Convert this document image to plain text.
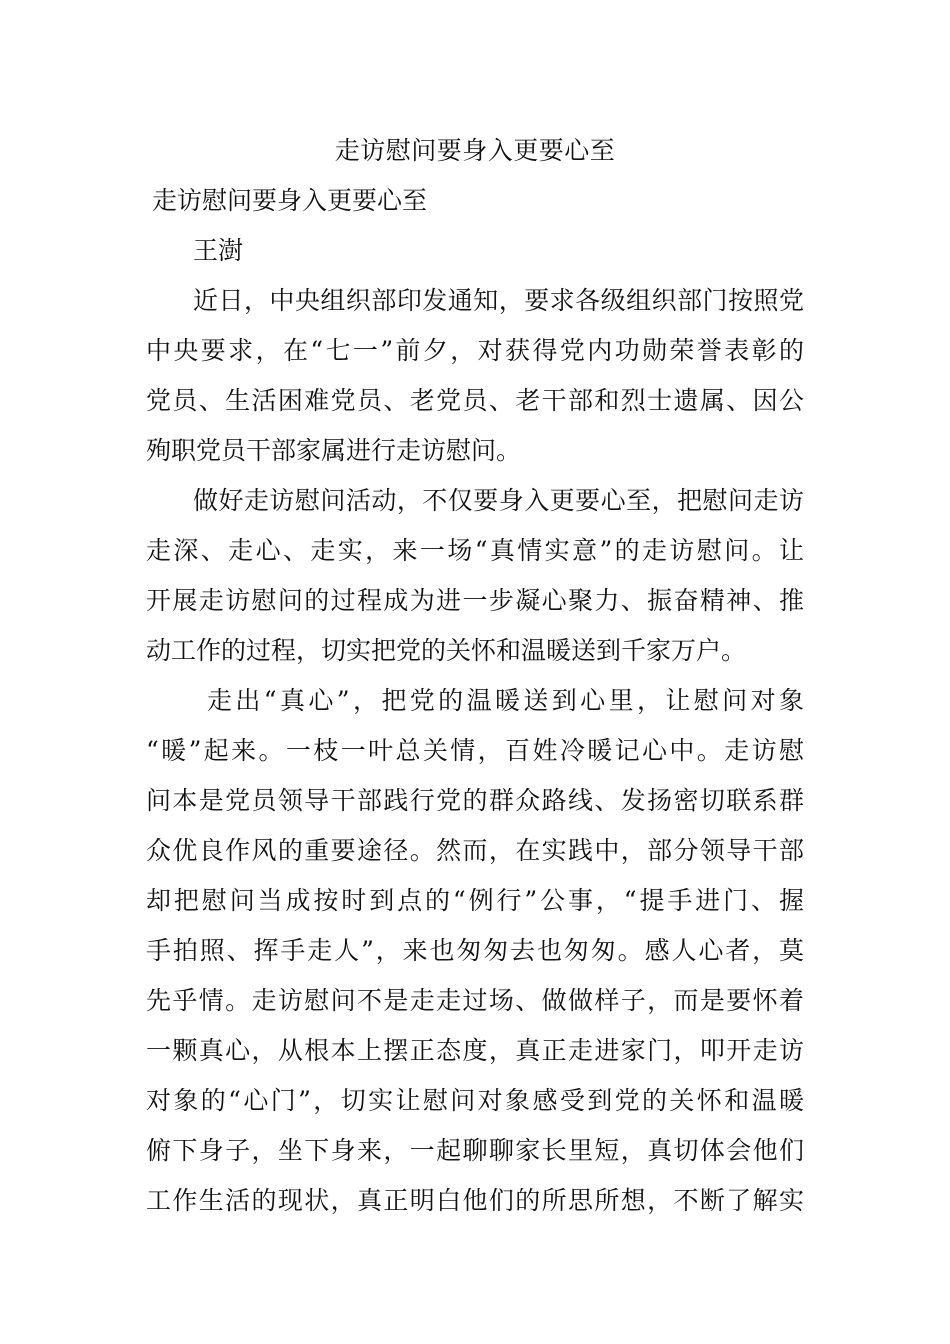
走访慰问要身入更要心至

走访慰问要身入更要心至

王澍

近日，中央组织部印发通知，要求各级组织部门按照党

中央要求，在“七一”前夕，对获得党内功勋荣誉表彰的

党员、生活困难党员、老党员、老干部和烈士遗属、因公

殉职党员干部家属进行走访慰问。

做好走访慰问活动，不仅要身入更要心至，把慰问走访

走深、走心、走实，来一场“真情实意”的走访慰问。让

开展走访慰问的过程成为进一步凝心聚力、振奋精神、推

动工作的过程，切实把党的关怀和温暖送到千家万户。

走出“真心”，把党的温暖送到心里，让慰问对象

“暖”起来。一枝一叶总关情，百姓冷暖记心中。走访慰

问本是党员领导干部践行党的群众路线、发扬密切联系群

众优良作风的重要途径。然而，在实践中，部分领导干部

却把慰问当成按时到点的“例行”公事，“提手进门、握

手拍照、挥手走人”，来也匆匆去也匆匆。感人心者，莫

先乎情。走访慰问不是走走过场、做做样子，而是要怀着

一颗真心，从根本上摆正态度，真正走进家门，叩开走访

对象的“心门”，切实让慰问对象感受到党的关怀和温暖

俯下身子，坐下身来，一起聊聊家长里短，真切体会他们

工作生活的现状，真正明白他们的所思所想，不断了解实
